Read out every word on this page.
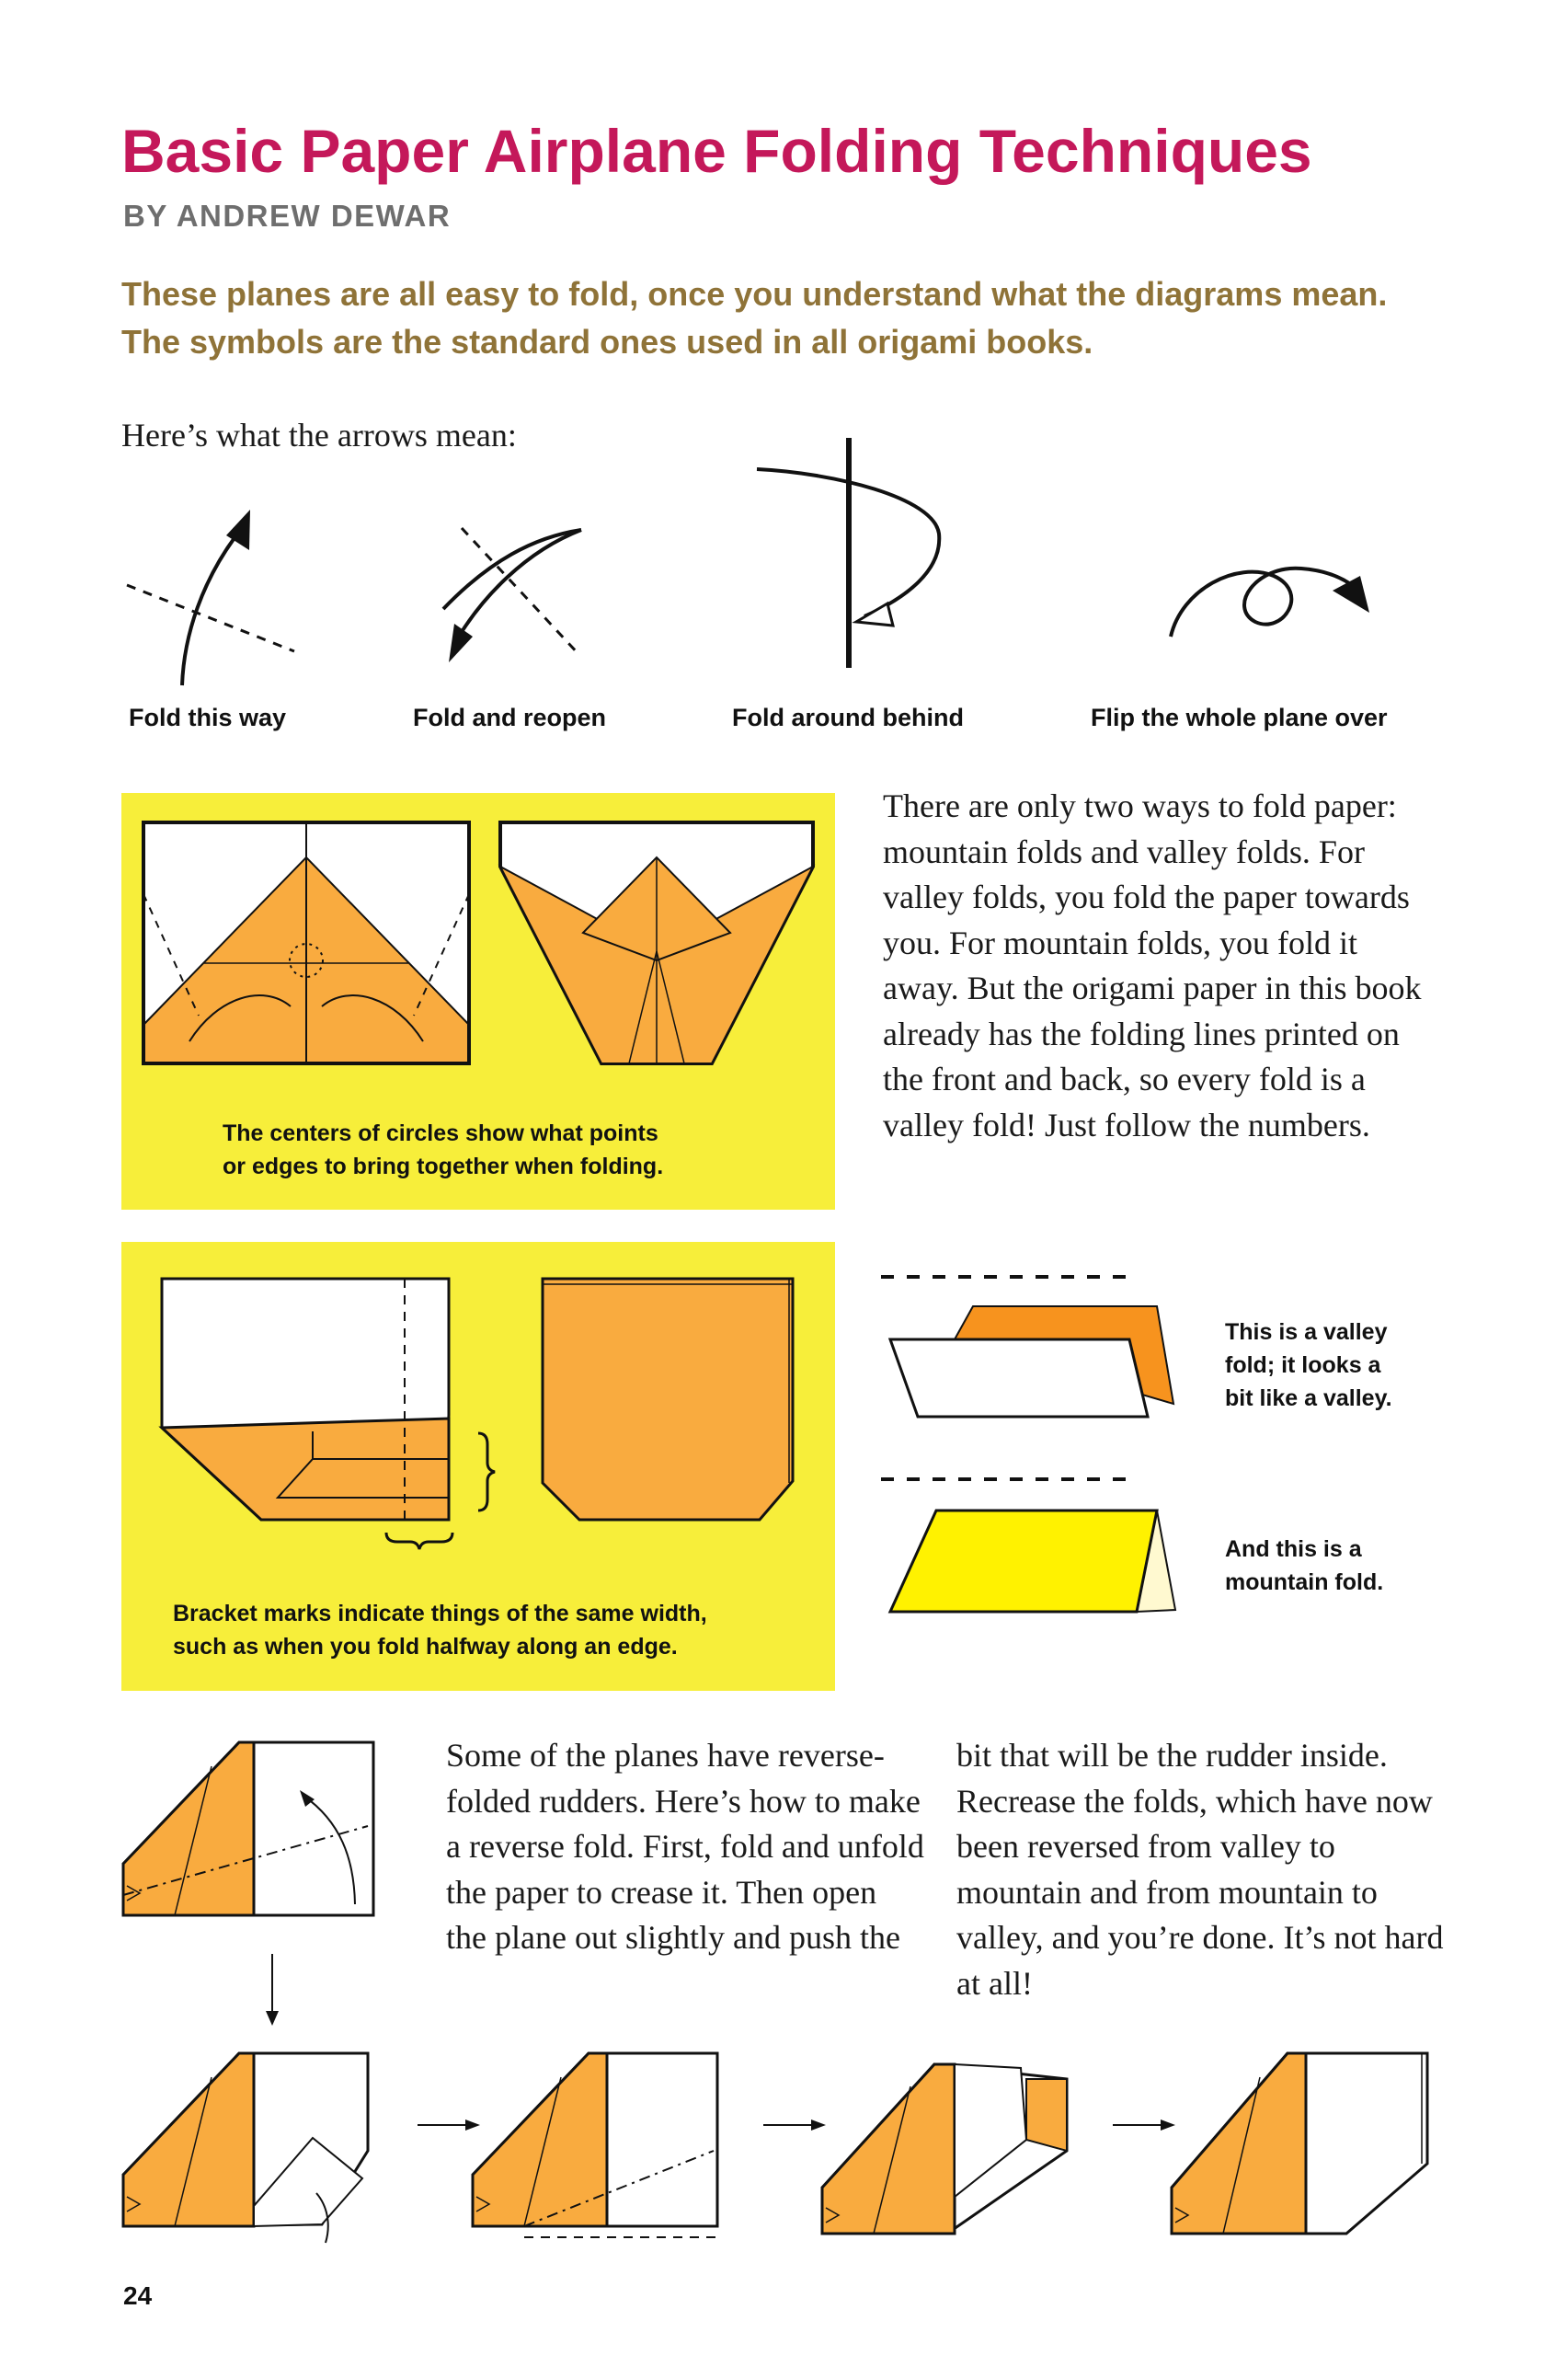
Basic Paper Airplane Folding Techniques
BY ANDREW DEWAR
These planes are all easy to fold, once you understand what the diagrams mean. The symbols are the standard ones used in all origami books.
Here’s what the arrows mean:
Fold this way	Fold and reopen	Fold around behind	Flip the whole plane over
The centers of circles show what points
or edges to bring together when folding.
There are only two ways to fold paper: mountain folds and valley folds. For valley folds, you fold the paper towards you. For mountain folds, you fold it away. But the origami paper in this book already has the folding lines printed on the front and back, so every fold is a valley fold! Just follow the numbers.
Bracket marks indicate things of the same width,
such as when you fold halfway along an edge.
This is a valley
fold; it looks a
bit like a valley.
And this is a
mountain fold.
Some of the planes have reverse-folded rudders. Here’s how to make a reverse fold. First, fold and unfold the paper to crease it. Then open the plane out slightly and push the
bit that will be the rudder inside. Recrease the folds, which have now been reversed from valley to mountain and from mountain to valley, and you’re done. It’s not hard at all!
24
